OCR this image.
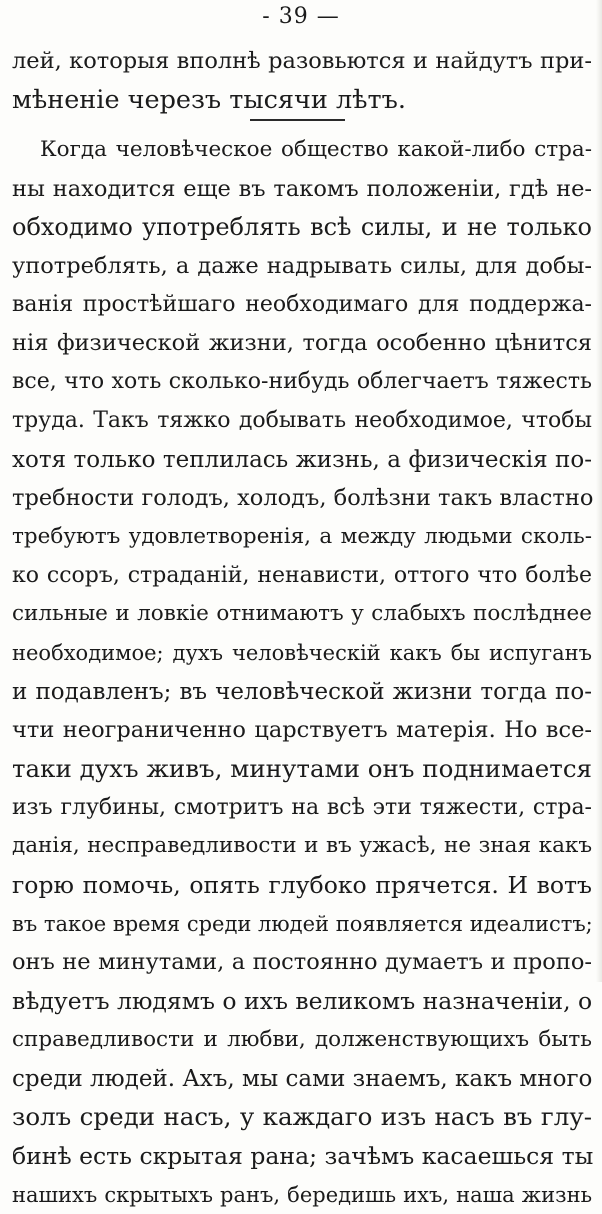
- 39 —
лей, которыя вполнѣ разовьются и найдутъ при-
мѣненіе черезъ тысячи лѣтъ.
Когда человѣческое общество какой-либо стра-
ны находится еще въ такомъ положеніи, гдѣ не-
обходимо употреблять всѣ силы, и не только
употреблять, а даже надрывать силы, для добы-
ванія простѣйшаго необходимаго для поддержа-
нія физической жизни, тогда особенно цѣнится
все, что хоть сколько-нибудь облегчаетъ тяжесть
труда. Такъ тяжко добывать необходимое, чтобы
хотя только теплилась жизнь, а физическія по-
требности голодъ, холодъ, болѣзни такъ властно
требуютъ удовлетворенія, а между людьми сколь-
ко ссоръ, страданій, ненависти, оттого что болѣе
сильные и ловкіе отнимаютъ у слабыхъ послѣднее
необходимое; духъ человѣческій какъ бы испуганъ
и подавленъ; въ человѣческой жизни тогда по-
чти неограниченно царствуетъ матерія. Но все-
таки духъ живъ, минутами онъ поднимается
изъ глубины, смотритъ на всѣ эти тяжести, стра-
данія, несправедливости и въ ужасѣ, не зная какъ
горю помочь, опять глубоко прячется. И вотъ
въ такое время среди людей появляется идеалистъ;
онъ не минутами, а постоянно думаетъ и пропо-
вѣдуетъ людямъ о ихъ великомъ назначеніи, о
справедливости и любви, долженствующихъ быть
среди людей. Ахъ, мы сами знаемъ, какъ много
золъ среди насъ, у каждаго изъ насъ въ глу-
бинѣ есть скрытая рана; зачѣмъ касаешься ты
нашихъ скрытыхъ ранъ, бередишь ихъ, наша жизнь
